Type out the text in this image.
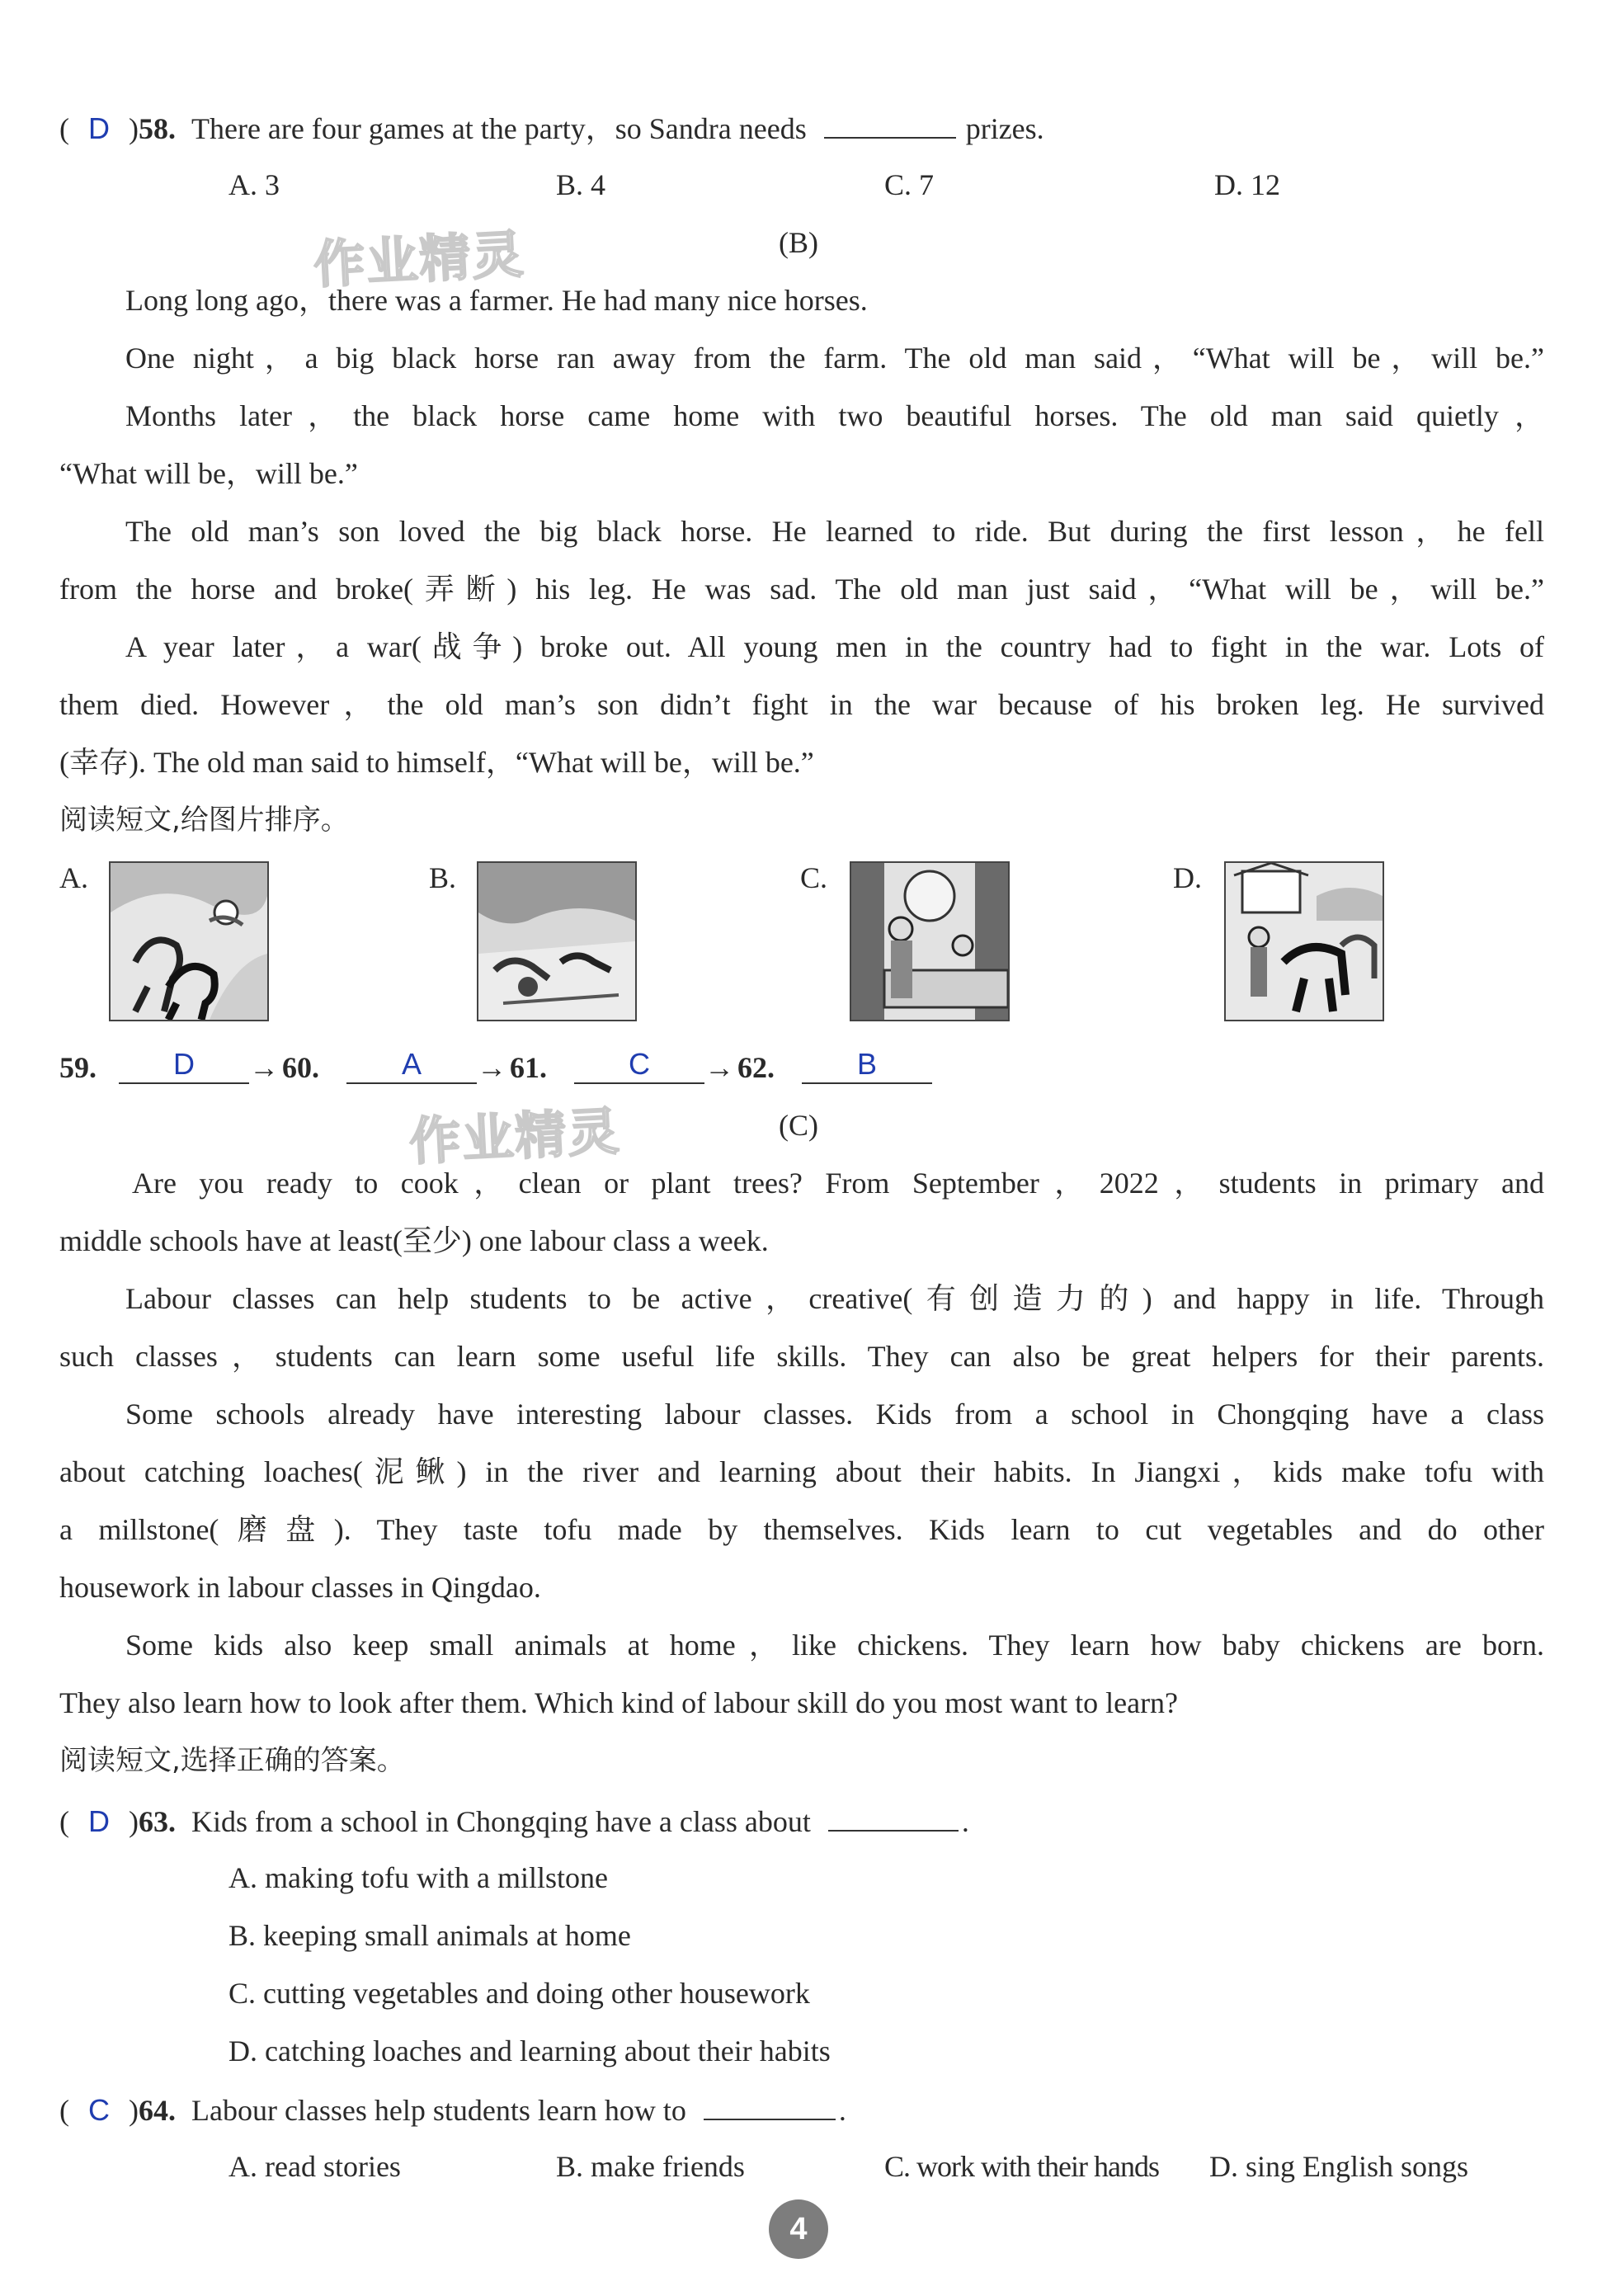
( D )58. There are four games at the party，so Sandra needs	prizes.
A. 3	B. 4	C. 7	D. 12
作业精灵	(B)
Long long ago，there was a farmer. He had many nice horses.
One night，a big black horse ran away from the farm. The old man said，“What will be，will be.”
Months later，the black horse came home with two beautiful horses. The old man said quietly，
“What will be，will be.”
The old man’s son loved the big black horse. He learned to ride. But during the first lesson，he fell
from the horse and broke(弄断) his leg. He was sad. The old man just said，“What will be，will be.”
A year later，a war(战争) broke out. All young men in the country had to fight in the war. Lots of
them died. However，the old man’s son didn’t fight in the war because of his broken leg. He survived
(幸存). The old man said to himself，“What will be，will be.”
阅读短文,给图片排序。
A.	B.	C.	D.
59.	D	→ 60.	A	→ 61.	C	→ 62.	B
作业精灵	(C)
Are you ready to cook，clean or plant trees? From September，2022，students in primary and
middle schools have at least(至少) one labour class a week.
Labour classes can help students to be active，creative(有创造力的) and happy in life. Through
such classes，students can learn some useful life skills. They can also be great helpers for their parents.
Some schools already have interesting labour classes. Kids from a school in Chongqing have a class
about catching loaches(泥鳅) in the river and learning about their habits. In Jiangxi，kids make tofu with
a millstone(磨盘). They taste tofu made by themselves. Kids learn to cut vegetables and do other
housework in labour classes in Qingdao.
Some kids also keep small animals at home，like chickens. They learn how baby chickens are born.
They also learn how to look after them. Which kind of labour skill do you most want to learn?
阅读短文,选择正确的答案。
( D )63. Kids from a school in Chongqing have a class about	.
A. making tofu with a millstone
B. keeping small animals at home
C. cutting vegetables and doing other housework
D. catching loaches and learning about their habits
( C )64. Labour classes help students learn how to	.
A. read stories	B. make friends	C. work with their hands D. sing English songs
4
